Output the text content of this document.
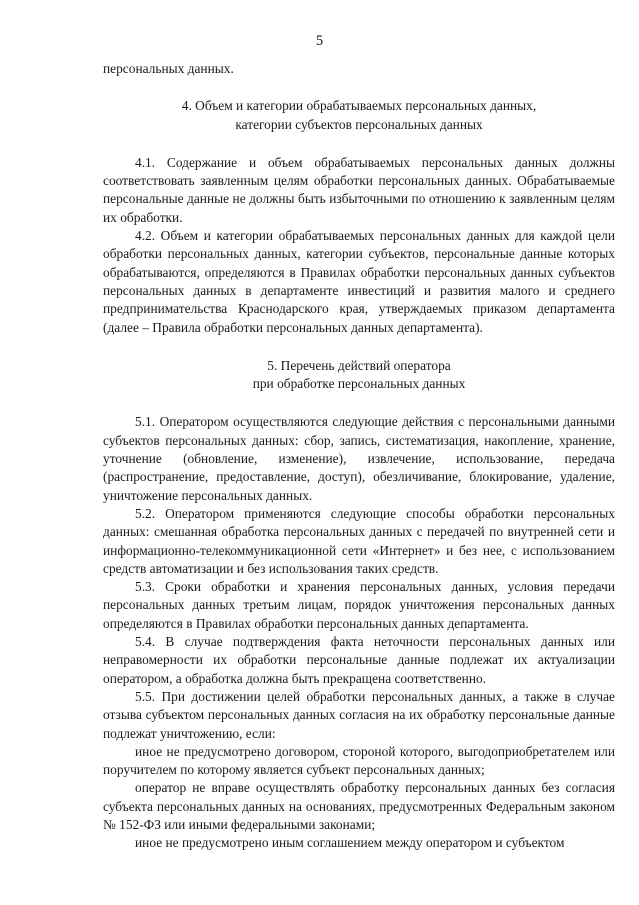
5

персональных данных.

4. Объем и категории обрабатываемых персональных данных,

категории субъектов персональных данных

4.1. Содержание и объем обрабатываемых персональных данных должны соответствовать заявленным целям обработки персональных данных. Обрабатываемые персональные данные не должны быть избыточными по отношению к заявленным целям их обработки.

4.2. Объем и категории обрабатываемых персональных данных для каждой цели обработки персональных данных, категории субъектов, персональные данные которых обрабатываются, определяются в Правилах обработки персональных данных субъектов персональных данных в департаменте инвестиций и развития малого и среднего предпринимательства Краснодарского края, утверждаемых приказом департамента (далее – Правила обработки персональных данных департамента).

5. Перечень действий оператора

при обработке персональных данных

5.1. Оператором осуществляются следующие действия с персональными данными субъектов персональных данных: сбор, запись, систематизация, накопление, хранение, уточнение (обновление, изменение), извлечение, использование, передача (распространение, предоставление, доступ), обезличивание, блокирование, удаление, уничтожение персональных данных.

5.2. Оператором применяются следующие способы обработки персональных данных: смешанная обработка персональных данных с передачей по внутренней сети и информационно-телекоммуникационной сети «Интернет» и без нее, с использованием средств автоматизации и без использования таких средств.

5.3. Сроки обработки и хранения персональных данных, условия передачи персональных данных третьим лицам, порядок уничтожения персональных данных определяются в Правилах обработки персональных данных департамента.

5.4. В случае подтверждения факта неточности персональных данных или неправомерности их обработки персональные данные подлежат их актуализации оператором, а обработка должна быть прекращена соответственно.

5.5. При достижении целей обработки персональных данных, а также в случае отзыва субъектом персональных данных согласия на их обработку персональные данные подлежат уничтожению, если:

иное не предусмотрено договором, стороной которого, выгодоприобретателем или поручителем по которому является субъект персональных данных;

оператор не вправе осуществлять обработку персональных данных без согласия субъекта персональных данных на основаниях, предусмотренных Федеральным законом № 152-ФЗ или иными федеральными законами;

иное не предусмотрено иным соглашением между оператором и субъектом
